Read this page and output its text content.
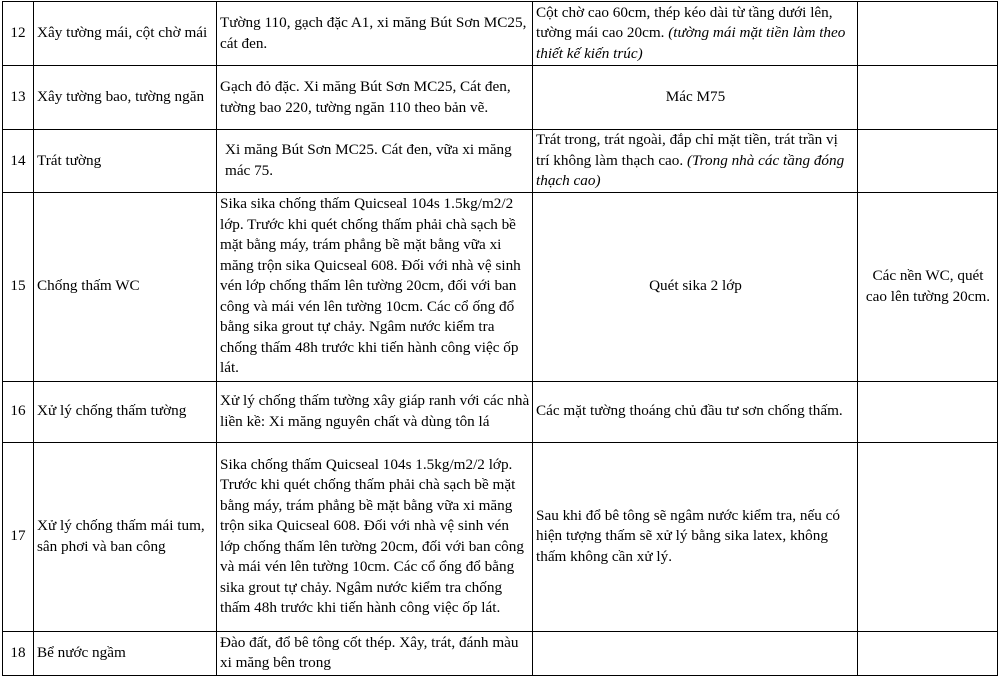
12	Xây tường mái, cột chờ mái	Tường 110, gạch đặc A1, xi măng Bút Sơn MC25, cát đen.	Cột chờ cao 60cm, thép kéo dài từ tầng dưới lên, tường mái cao 20cm. (tường mái mặt tiền làm theo thiết kế kiến trúc)	
13	Xây tường bao, tường ngăn	Gạch đỏ đặc. Xi măng Bút Sơn MC25, Cát đen, tường bao 220, tường ngăn 110 theo bản vẽ.	Mác M75	
14	Trát tường	Xi măng Bút Sơn MC25. Cát đen, vữa xi măng mác 75.	Trát trong, trát ngoài, đắp chỉ mặt tiền, trát trần vị trí không làm thạch cao. (Trong nhà các tầng đóng thạch cao)	
15	Chống thấm WC	Sika sika chống thấm Quicseal 104s 1.5kg/m2/2 lớp. Trước khi quét chống thấm phải chà sạch bề mặt bằng máy, trám phẳng bề mặt bằng vữa xi măng trộn sika Quicseal 608. Đối với nhà vệ sinh vén lớp chống thấm lên tường 20cm, đối với ban công và mái vén lên tường 10cm. Các cổ ống đổ bằng sika grout tự chảy. Ngâm nước kiểm tra chống thấm 48h trước khi tiến hành công việc ốp lát.	Quét sika 2 lớp	Các nền WC, quét cao lên tường 20cm.
16	Xử lý chống thấm tường	Xử lý chống thấm tường xây giáp ranh với các nhà liền kề: Xi măng nguyên chất và dùng tôn lá	Các mặt tường thoáng chủ đầu tư sơn chống thấm.	
17	Xử lý chống thấm mái tum, sân phơi và ban công	Sika chống thấm Quicseal 104s 1.5kg/m2/2 lớp. Trước khi quét chống thấm phải chà sạch bề mặt bằng máy, trám phẳng bề mặt bằng vữa xi măng trộn sika Quicseal 608. Đối với nhà vệ sinh vén lớp chống thấm lên tường 20cm, đối với ban công và mái vén lên tường 10cm. Các cổ ống đổ bằng sika grout tự chảy. Ngâm nước kiểm tra chống thấm 48h trước khi tiến hành công việc ốp lát.	Sau khi đổ bê tông sẽ ngâm nước kiểm tra, nếu có hiện tượng thấm sẽ xử lý bằng sika latex, không thấm không cần xử lý.	
18	Bể nước ngầm	Đào đất, đổ bê tông cốt thép. Xây, trát, đánh màu xi măng bên trong		
